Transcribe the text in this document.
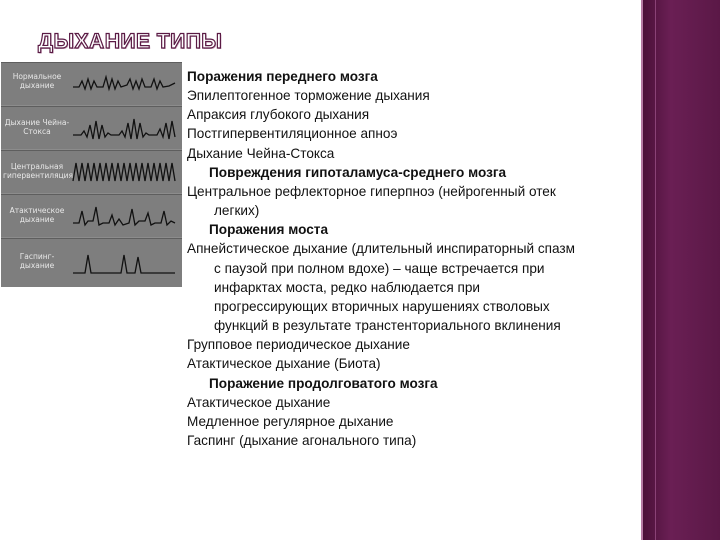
ДЫХАНИЕ ТИПЫ
Нормальное дыхание
Дыхание Чейна-Стокса
Центральная гипервентиляция
Атактическое дыхание
Гаспинг-дыхание
Поражения переднего мозга
Эпилептогенное торможение дыхания
Апраксия глубокого дыхания
Постгипервентиляционное апноэ
Дыхание Чейна-Стокса
Повреждения гипоталамуса-среднего мозга
Центральное рефлекторное гиперпноэ (нейрогенный отек
легких)
Поражения моста
Апнейстическое дыхание (длительный инспираторный спазм
с паузой при полном вдохе) – чаще встречается при
инфарктах моста, редко наблюдается при
прогрессирующих вторичных нарушениях стволовых
функций в результате транстенториального вклинения
Групповое периодическое дыхание
Атактическое дыхание (Биота)
Поражение продолговатого мозга
Атактическое дыхание
Медленное регулярное дыхание
Гаспинг (дыхание агонального типа)
